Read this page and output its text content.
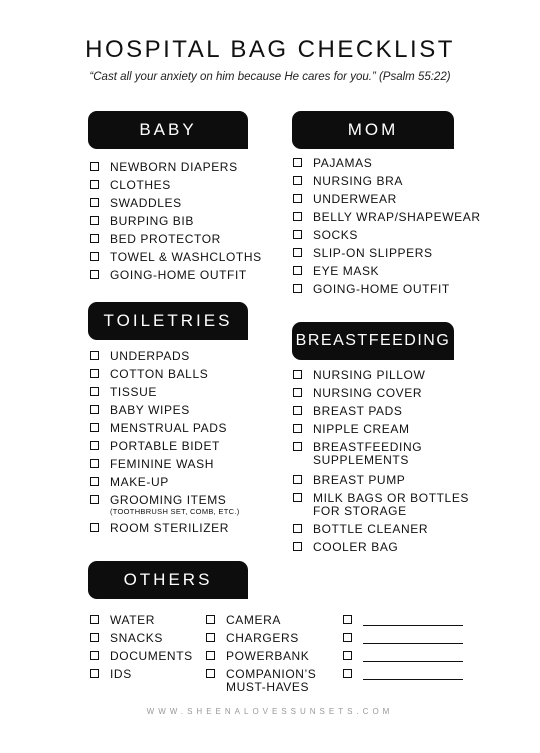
HOSPITAL BAG CHECKLIST
“Cast all your anxiety on him because He cares for you.” (Psalm 55:22)
BABY
NEWBORN DIAPERS
CLOTHES
SWADDLES
BURPING BIB
BED PROTECTOR
TOWEL & WASHCLOTHS
GOING-HOME OUTFIT
MOM
PAJAMAS
NURSING BRA
UNDERWEAR
BELLY WRAP/SHAPEWEAR
SOCKS
SLIP-ON SLIPPERS
EYE MASK
GOING-HOME OUTFIT
TOILETRIES
UNDERPADS
COTTON BALLS
TISSUE
BABY WIPES
MENSTRUAL PADS
PORTABLE BIDET
FEMININE WASH
MAKE-UP
GROOMING ITEMS
(TOOTHBRUSH SET, COMB, ETC.)
ROOM STERILIZER
BREASTFEEDING
NURSING PILLOW
NURSING COVER
BREAST PADS
NIPPLE CREAM
BREASTFEEDING
SUPPLEMENTS
BREAST PUMP
MILK BAGS OR BOTTLES
FOR STORAGE
BOTTLE CLEANER
COOLER BAG
OTHERS
WATER
SNACKS
DOCUMENTS
IDS
CAMERA
CHARGERS
POWERBANK
COMPANION’S
MUST-HAVES
WWW.SHEENALOVESSUNSETS.COM
